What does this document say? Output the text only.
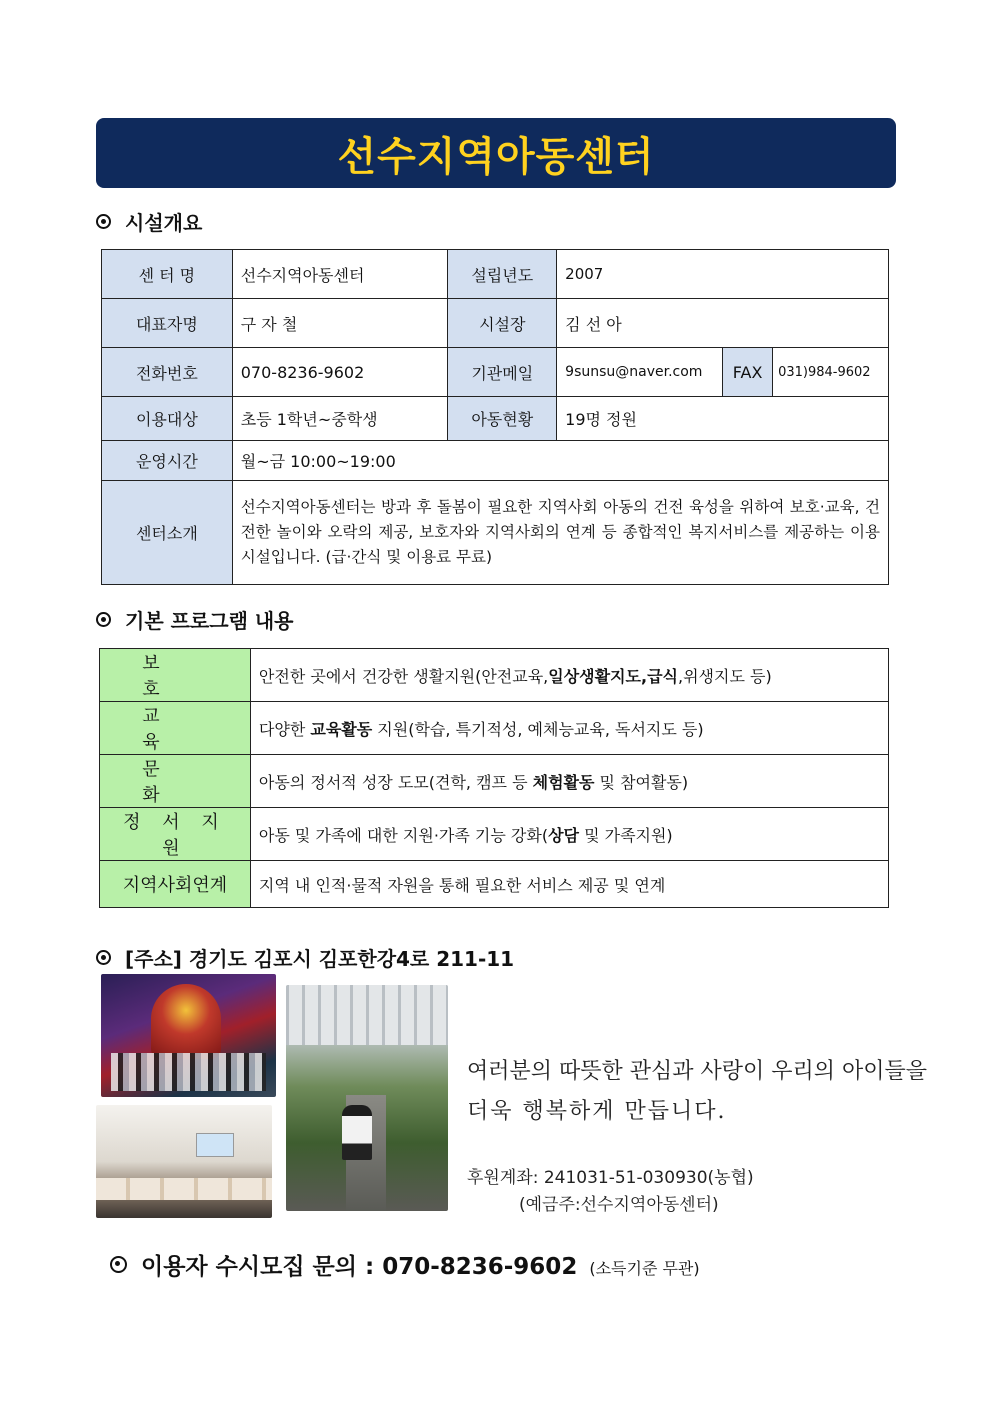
선수지역아동센터
시설개요
센 터 명	선수지역아동센터	설립년도	2007		
대표자명	구 자 철	시설장	김 선 아		
전화번호	070-8236-9602	기관메일	9sunsu@naver.com	FAX	031)984-9602
이용대상	초등 1학년~중학생	아동현황	19명 정원		
운영시간	월~금 10:00~19:00				
센터소개	선수지역아동센터는 방과 후 돌봄이 필요한 지역사회 아동의 건전 육성을 위하여 보호·교육, 건전한 놀이와 오락의 제공, 보호자와 지역사회의 연계 등 종합적인 복지서비스를 제공하는 이용시설입니다. (급·간식 및 이용료 무료)				
기본 프로그램 내용
보 호	안전한 곳에서 건강한 생활지원(안전교육,일상생활지도,급식,위생지도 등)
교 육	다양한 교육활동 지원(학습, 특기적성, 예체능교육, 독서지도 등)
문 화	아동의 정서적 성장 도모(견학, 캠프 등 체험활동 및 참여활동)
정 서 지 원	아동 및 가족에 대한 지원·가족 기능 강화(상담 및 가족지원)
지역사회연계	지역 내 인적·물적 자원을 통해 필요한 서비스 제공 및 연계
[주소] 경기도 김포시 김포한강4로 211-11
여러분의 따뜻한 관심과 사랑이 우리의 아이들을
더욱 행복하게 만듭니다.
후원계좌: 241031-51-030930(농협)
(예금주:선수지역아동센터)
이용자 수시모집 문의 : 070-8236-9602 (소득기준 무관)
